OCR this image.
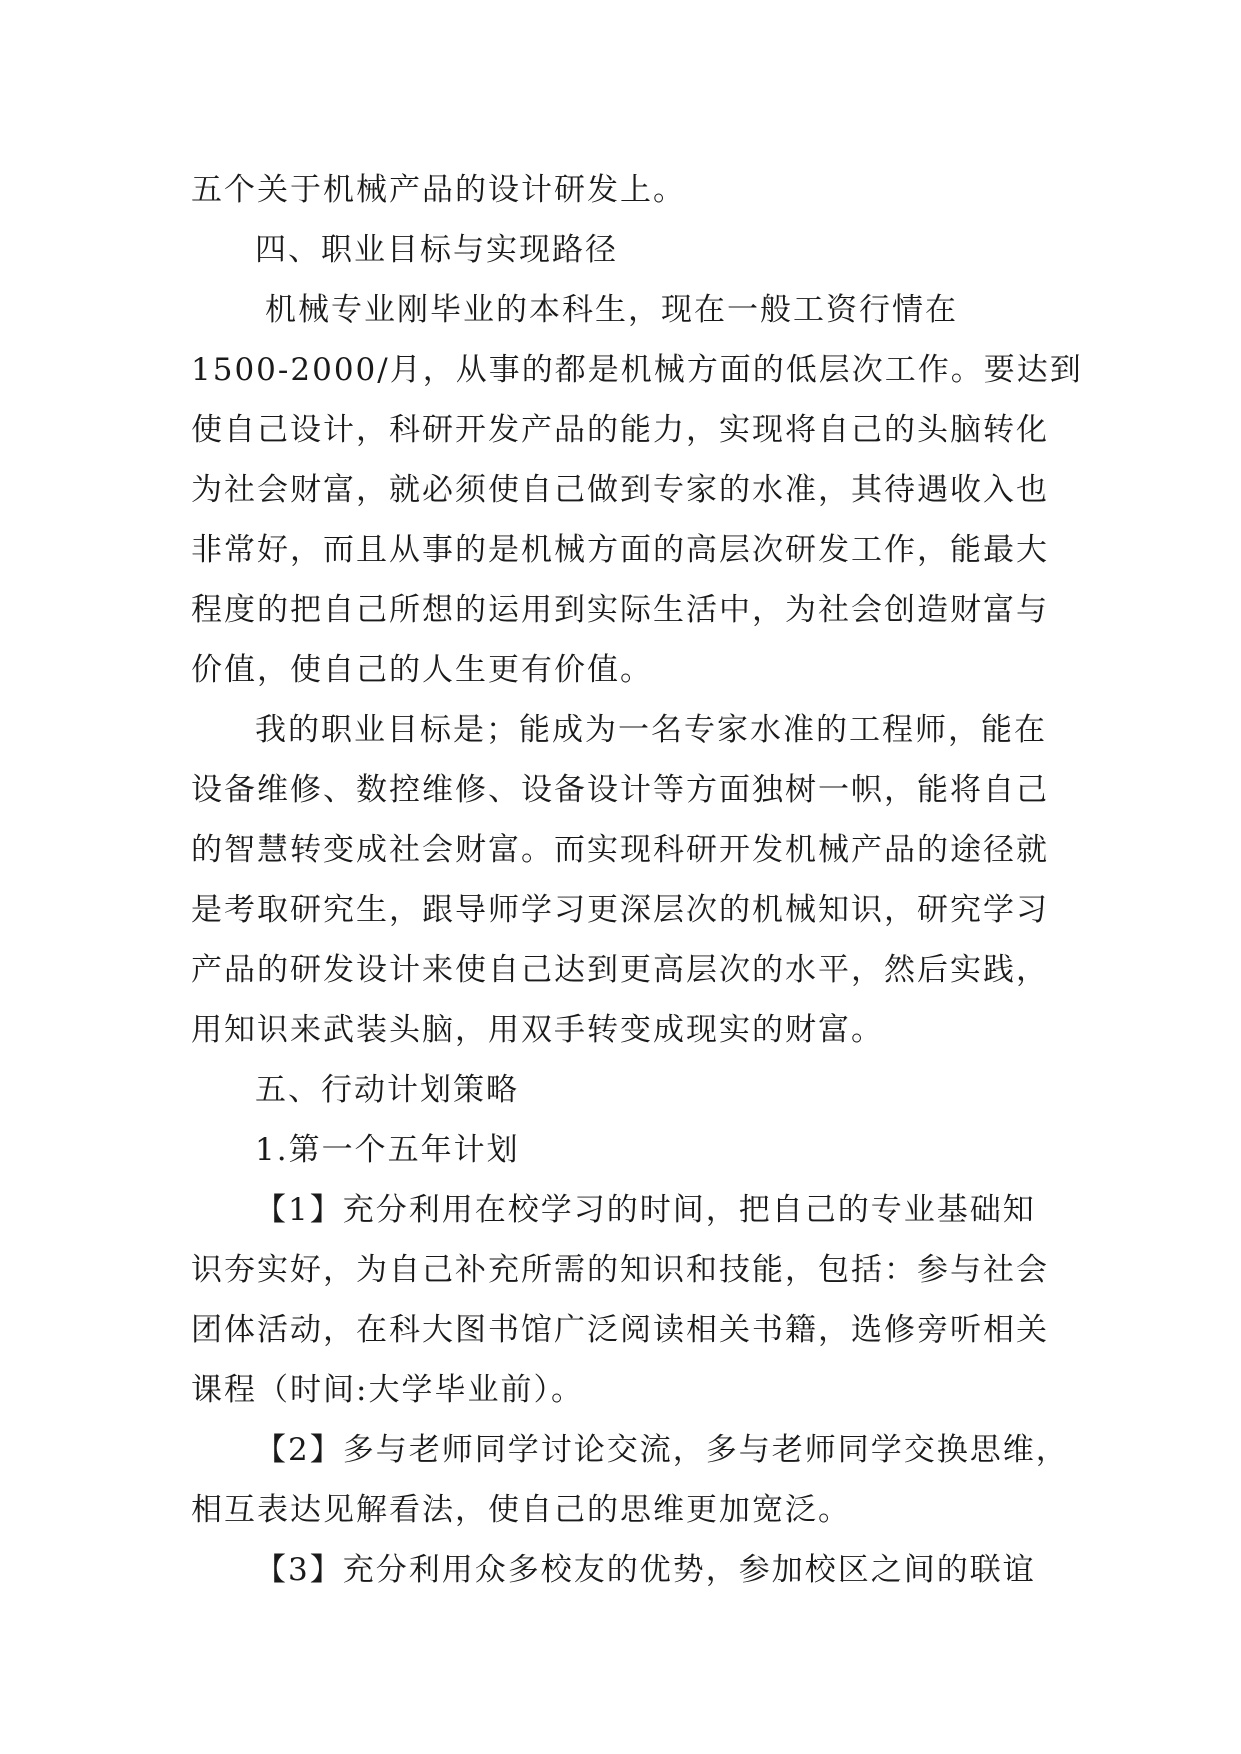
五个关于机械产品的设计研发上。
四、职业目标与实现路径
机械专业刚毕业的本科生，现在一般工资行情在
1500-2000/月，从事的都是机械方面的低层次工作。要达到
使自己设计，科研开发产品的能力，实现将自己的头脑转化
为社会财富，就必须使自己做到专家的水准，其待遇收入也
非常好，而且从事的是机械方面的高层次研发工作，能最大
程度的把自己所想的运用到实际生活中，为社会创造财富与
价值，使自己的人生更有价值。
我的职业目标是；能成为一名专家水准的工程师，能在
设备维修、数控维修、设备设计等方面独树一帜，能将自己
的智慧转变成社会财富。而实现科研开发机械产品的途径就
是考取研究生，跟导师学习更深层次的机械知识，研究学习
产品的研发设计来使自己达到更高层次的水平，然后实践，
用知识来武装头脑，用双手转变成现实的财富。
五、行动计划策略
1.第一个五年计划
【1】充分利用在校学习的时间，把自己的专业基础知
识夯实好，为自己补充所需的知识和技能，包括：参与社会
团体活动，在科大图书馆广泛阅读相关书籍，选修旁听相关
课程（时间:大学毕业前）。
【2】多与老师同学讨论交流，多与老师同学交换思维，
相互表达见解看法，使自己的思维更加宽泛。
【3】充分利用众多校友的优势，参加校区之间的联谊
